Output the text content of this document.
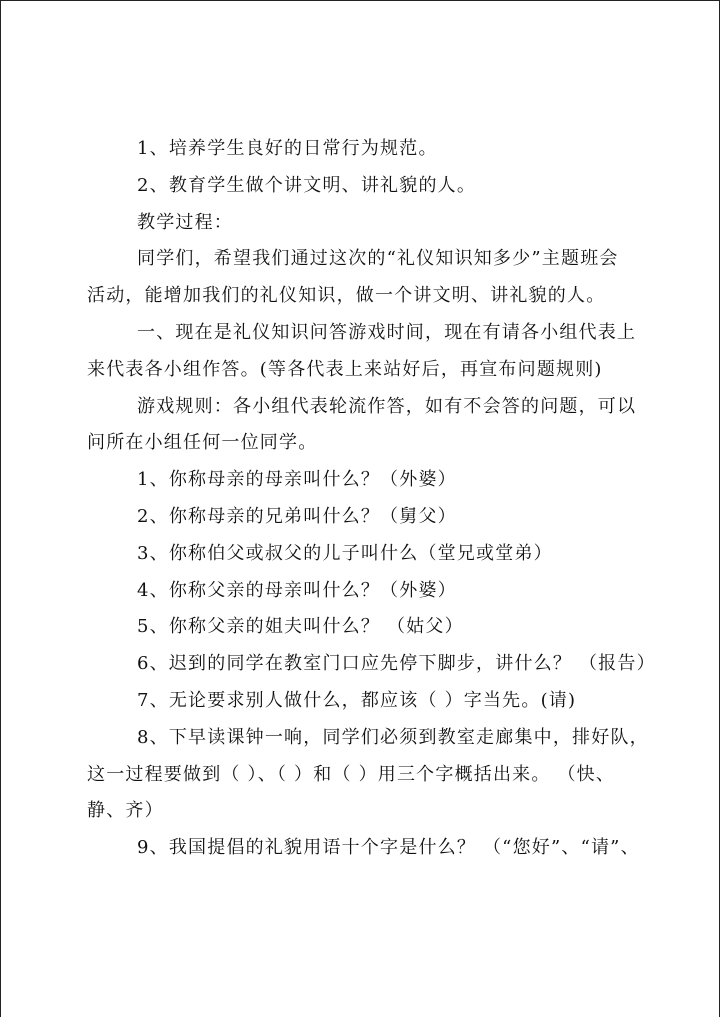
1、培养学生良好的日常行为规范。

2、教育学生做个讲文明、讲礼貌的人。

教学过程：

同学们，希望我们通过这次的“礼仪知识知多少”主题班会

活动，能增加我们的礼仪知识，做一个讲文明、讲礼貌的人。

一、现在是礼仪知识问答游戏时间，现在有请各小组代表上

来代表各小组作答。(等各代表上来站好后，再宣布问题规则)

游戏规则：各小组代表轮流作答，如有不会答的问题，可以

问所在小组任何一位同学。

1、你称母亲的母亲叫什么？（外婆）

2、你称母亲的兄弟叫什么？（舅父）

3、你称伯父或叔父的儿子叫什么（堂兄或堂弟）

4、你称父亲的母亲叫什么？（外婆）

5、你称父亲的姐夫叫什么？ （姑父）

6、迟到的同学在教室门口应先停下脚步，讲什么？ （报告）

7、无论要求别人做什么，都应该（ ）字当先。(请)

8、下早读课钟一响，同学们必须到教室走廊集中，排好队，

这一过程要做到（ ）、（ ）和（ ）用三个字概括出来。 （快、

静、齐）

9、我国提倡的礼貌用语十个字是什么？ （“您好”、“请”、
